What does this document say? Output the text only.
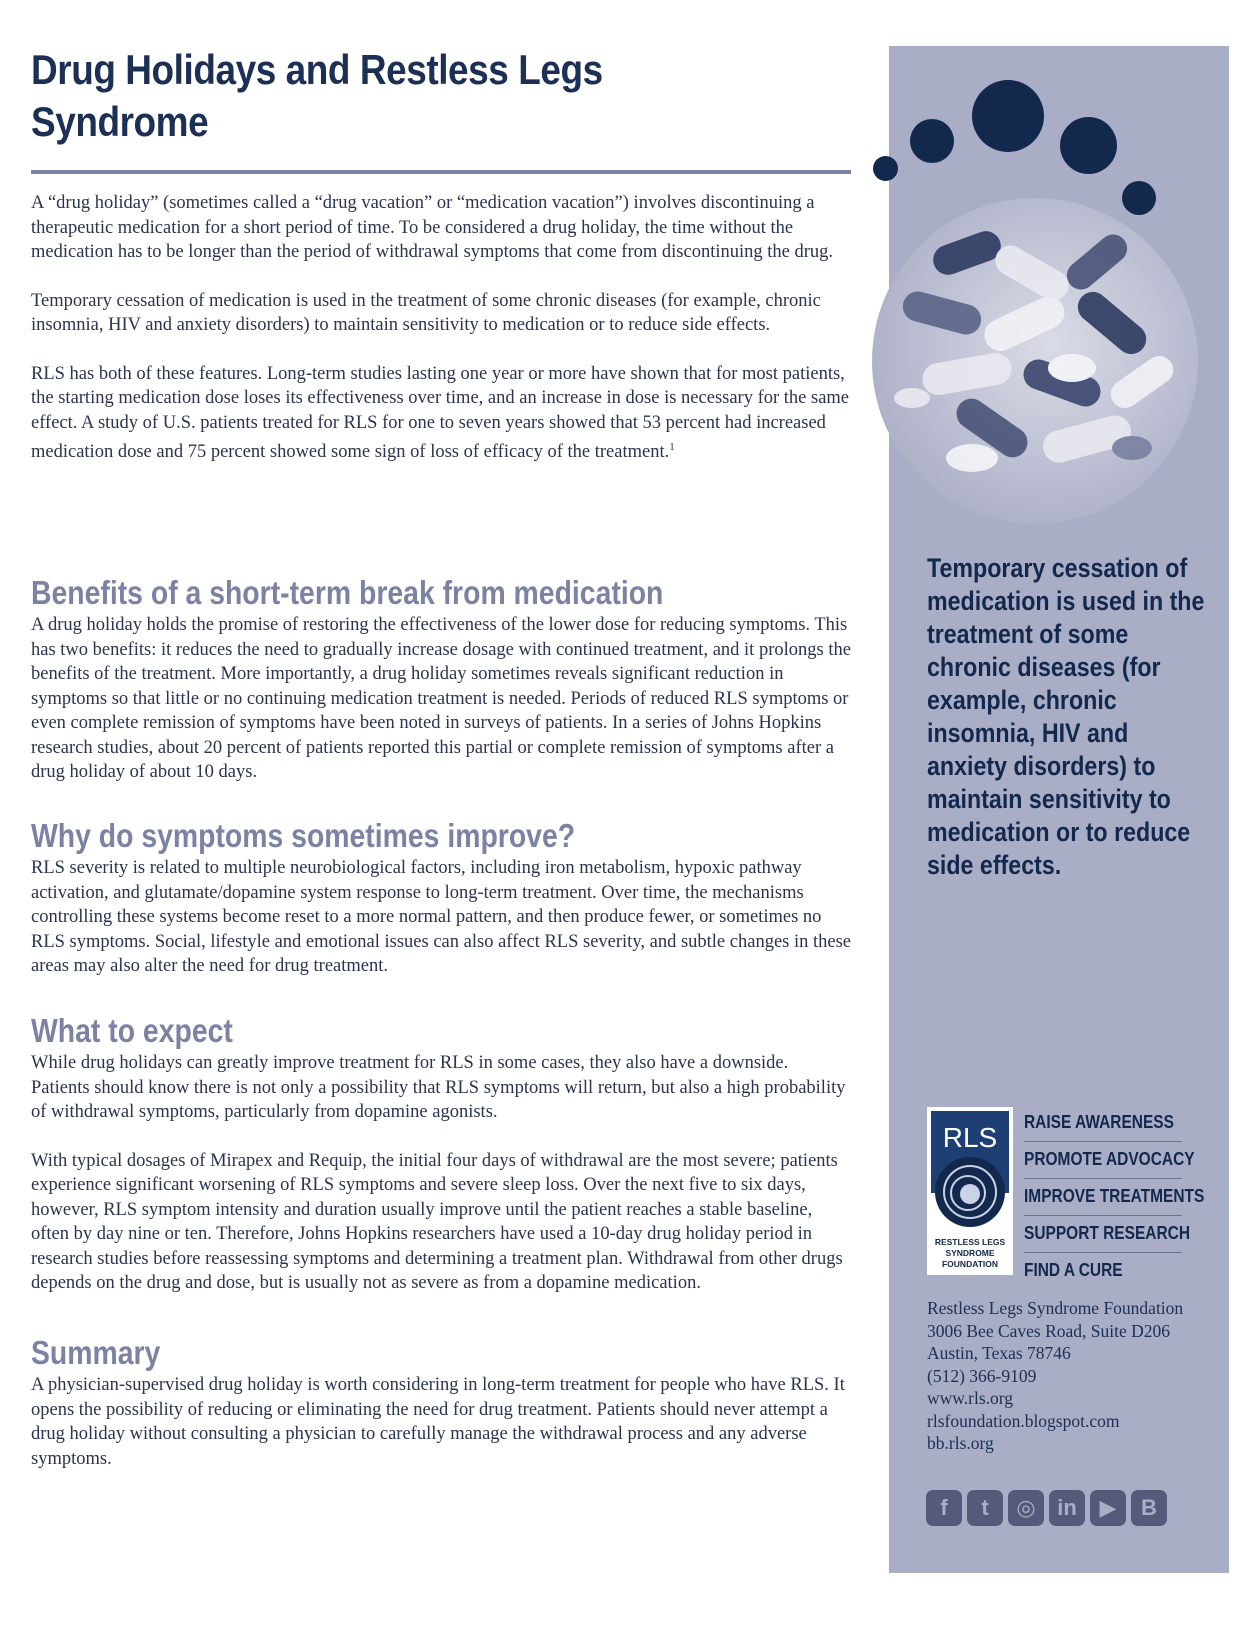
Drug Holidays and Restless Legs Syndrome

A “drug holiday” (sometimes called a “drug vacation” or “medication vacation”) involves discontinuing a therapeutic medication for a short period of time. To be considered a drug holiday, the time without the medication has to be longer than the period of withdrawal symptoms that come from discontinuing the drug.

Temporary cessation of medication is used in the treatment of some chronic diseases (for example, chronic insomnia, HIV and anxiety disorders) to maintain sensitivity to medication or to reduce side effects.

RLS has both of these features. Long-term studies lasting one year or more have shown that for most patients, the starting medication dose loses its effectiveness over time, and an increase in dose is necessary for the same effect. A study of U.S. patients treated for RLS for one to seven years showed that 53 percent had increased medication dose and 75 percent showed some sign of loss of efficacy of the treatment.$^1$

Benefits of a short-term break from medication

A drug holiday holds the promise of restoring the effectiveness of the lower dose for reducing symptoms. This has two benefits: it reduces the need to gradually increase dosage with continued treatment, and it prolongs the benefits of the treatment. More importantly, a drug holiday sometimes reveals significant reduction in symptoms so that little or no continuing medication treatment is needed. Periods of reduced RLS symptoms or even complete remission of symptoms have been noted in surveys of patients. In a series of Johns Hopkins research studies, about 20 percent of patients reported this partial or complete remission of symptoms after a drug holiday of about 10 days.

Why do symptoms sometimes improve?

RLS severity is related to multiple neurobiological factors, including iron metabolism, hypoxic pathway activation, and glutamate/dopamine system response to long-term treatment. Over time, the mechanisms controlling these systems become reset to a more normal pattern, and then produce fewer, or sometimes no RLS symptoms. Social, lifestyle and emotional issues can also affect RLS severity, and subtle changes in these areas may also alter the need for drug treatment.

What to expect

While drug holidays can greatly improve treatment for RLS in some cases, they also have a downside. Patients should know there is not only a possibility that RLS symptoms will return, but also a high probability of withdrawal symptoms, particularly from dopamine agonists.

With typical dosages of Mirapex and Requip, the initial four days of withdrawal are the most severe; patients experience significant worsening of RLS symptoms and severe sleep loss. Over the next five to six days, however, RLS symptom intensity and duration usually improve until the patient reaches a stable baseline, often by day nine or ten. Therefore, Johns Hopkins researchers have used a 10-day drug holiday period in research studies before reassessing symptoms and determining a treatment plan. Withdrawal from other drugs depends on the drug and dose, but is usually not as severe as from a dopamine medication.

Summary

A physician-supervised drug holiday is worth considering in long-term treatment for people who have RLS. It opens the possibility of reducing or eliminating the need for drug treatment. Patients should never attempt a drug holiday without consulting a physician to carefully manage the withdrawal process and any adverse symptoms.

Temporary cessation of medication is used in the treatment of some chronic diseases (for example, chronic insomnia, HIV and anxiety disorders) to maintain sensitivity to medication or to reduce side effects.
RLS
RESTLESS LEGS
SYNDROME
FOUNDATION
RAISE AWARENESS
PROMOTE ADVOCACY
IMPROVE TREATMENTS
SUPPORT RESEARCH
FIND A CURE
Restless Legs Syndrome Foundation
3006 Bee Caves Road, Suite D206
Austin, Texas 78746
(512) 366-9109
www.rls.org
rlsfoundation.blogspot.com
bb.rls.org
f	t	◎ in	▶	B
